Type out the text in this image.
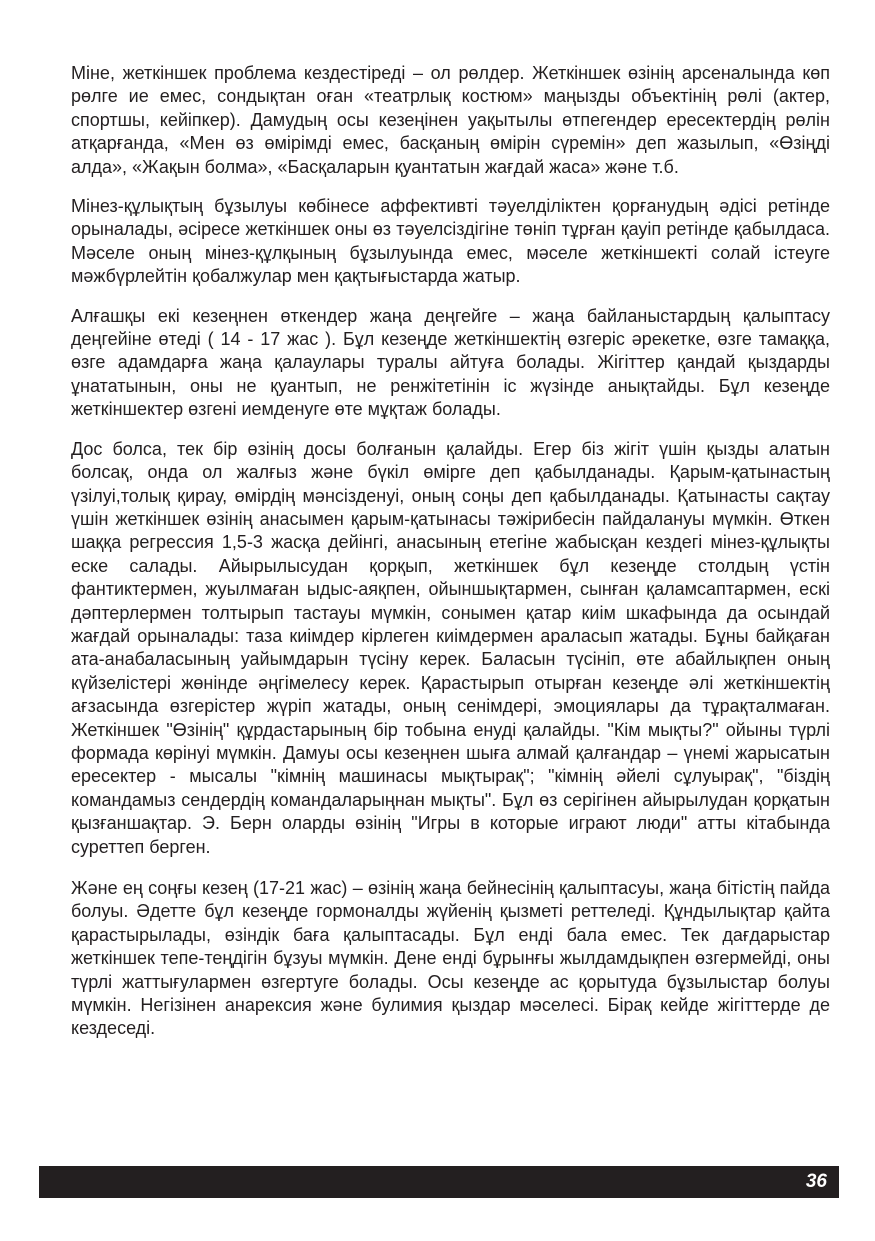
Міне, жеткіншек проблема кездестіреді – ол рөлдер. Жеткіншек өзінің арсеналында көп рөлге ие емес, сондықтан оған «театрлық костюм» маңызды объектінің рөлі (актер, спортшы, кейіпкер). Дамудың осы кезеңінен уақытылы өтпегендер ересектердің рөлін атқарғанда, «Мен өз өмірімді емес, басқаның өмірін сүремін» деп жазылып, «Өзіңді алда», «Жақын болма», «Басқаларын қуантатын жағдай жаса» және т.б.

Мінез-құлықтың бұзылуы көбінесе аффективті тәуелділіктен қорғанудың әдісі ретінде орыналады, әсіресе жеткіншек оны өз тәуелсіздігіне төніп тұрған қауіп ретінде қабылдаса. Мәселе оның мінез-құлқының бұзылуында емес, мәселе жеткіншекті солай істеуге мәжбүрлейтін қобалжулар мен қақтығыстарда жатыр.

Алғашқы екі кезеңнен өткендер жаңа деңгейге – жаңа байланыстардың қалыптасу деңгейіне өтеді ( 14 - 17 жас ). Бұл кезеңде жеткіншектің өзгеріс әрекетке, өзге тамаққа, өзге адамдарға жаңа қалаулары туралы айтуға болады. Жігіттер қандай қыздарды ұнататынын, оны не қуантып, не ренжітетінін іс жүзінде анықтайды. Бұл кезеңде жеткіншектер өзгені иемденуге өте мұқтаж болады.

Дос болса, тек бір өзінің досы болғанын қалайды. Егер біз жігіт үшін қызды алатын болсақ, онда ол жалғыз және бүкіл өмірге деп қабылданады. Қарым-қатынастың үзілуі,толық қирау, өмірдің мәнсізденуі, оның соңы деп қабылданады. Қатынасты сақтау үшін жеткіншек өзінің анасымен қарым-қатынасы тәжірибесін пайдалануы мүмкін. Өткен шаққа регрессия 1,5-3 жасқа дейінгі, анасының етегіне жабысқан кездегі мінез-құлықты еске салады. Айырылысудан қорқып, жеткіншек бұл кезеңде столдың үстін фантиктермен, жуылмаған ыдыс-аяқпен, ойыншықтармен, сынған қаламсаптармен, ескі дәптерлермен толтырып тастауы мүмкін, сонымен қатар киім шкафында да осындай жағдай орыналады: таза киімдер кірлеген киімдермен араласып жатады. Бұны байқаған ата-анабаласының уайымдарын түсіну керек. Баласын түсініп, өте абайлықпен оның күйзелістері жөнінде әңгімелесу керек. Қарастырып отырған кезеңде әлі жеткіншектің ағзасында өзгерістер жүріп жатады, оның сенімдері, эмоциялары да тұрақталмаған. Жеткіншек "Өзінің" құрдастарының бір тобына енуді қалайды. "Кім мықты?" ойыны түрлі формада көрінуі мүмкін. Дамуы осы кезеңнен шыға алмай қалғандар – үнемі жарысатын ересектер - мысалы "кімнің машинасы мықтырақ"; "кімнің әйелі сұлуырақ", "біздің командамыз сендердің командаларыңнан мықты". Бұл өз серігінен айырылудан қорқатын қызғаншақтар. Э. Берн оларды өзінің "Игры в которые играют люди" атты кітабында суреттеп берген.

Және ең соңғы кезең (17-21 жас) – өзінің жаңа бейнесінің қалыптасуы, жаңа бітістің пайда болуы. Әдетте бұл кезеңде гормоналды жүйенің қызметі реттеледі. Құндылықтар қайта қарастырылады, өзіндік баға қалыптасады. Бұл енді бала емес. Тек дағдарыстар жеткіншек тепе-теңдігін бұзуы мүмкін. Дене енді бұрынғы жылдамдықпен өзгермейді, оны түрлі жаттығулармен өзгертуге болады. Осы кезеңде ас қорытуда бұзылыстар болуы мүмкін. Негізінен анарексия және булимия қыздар мәселесі. Бірақ кейде жігіттерде де кездеседі.

36
